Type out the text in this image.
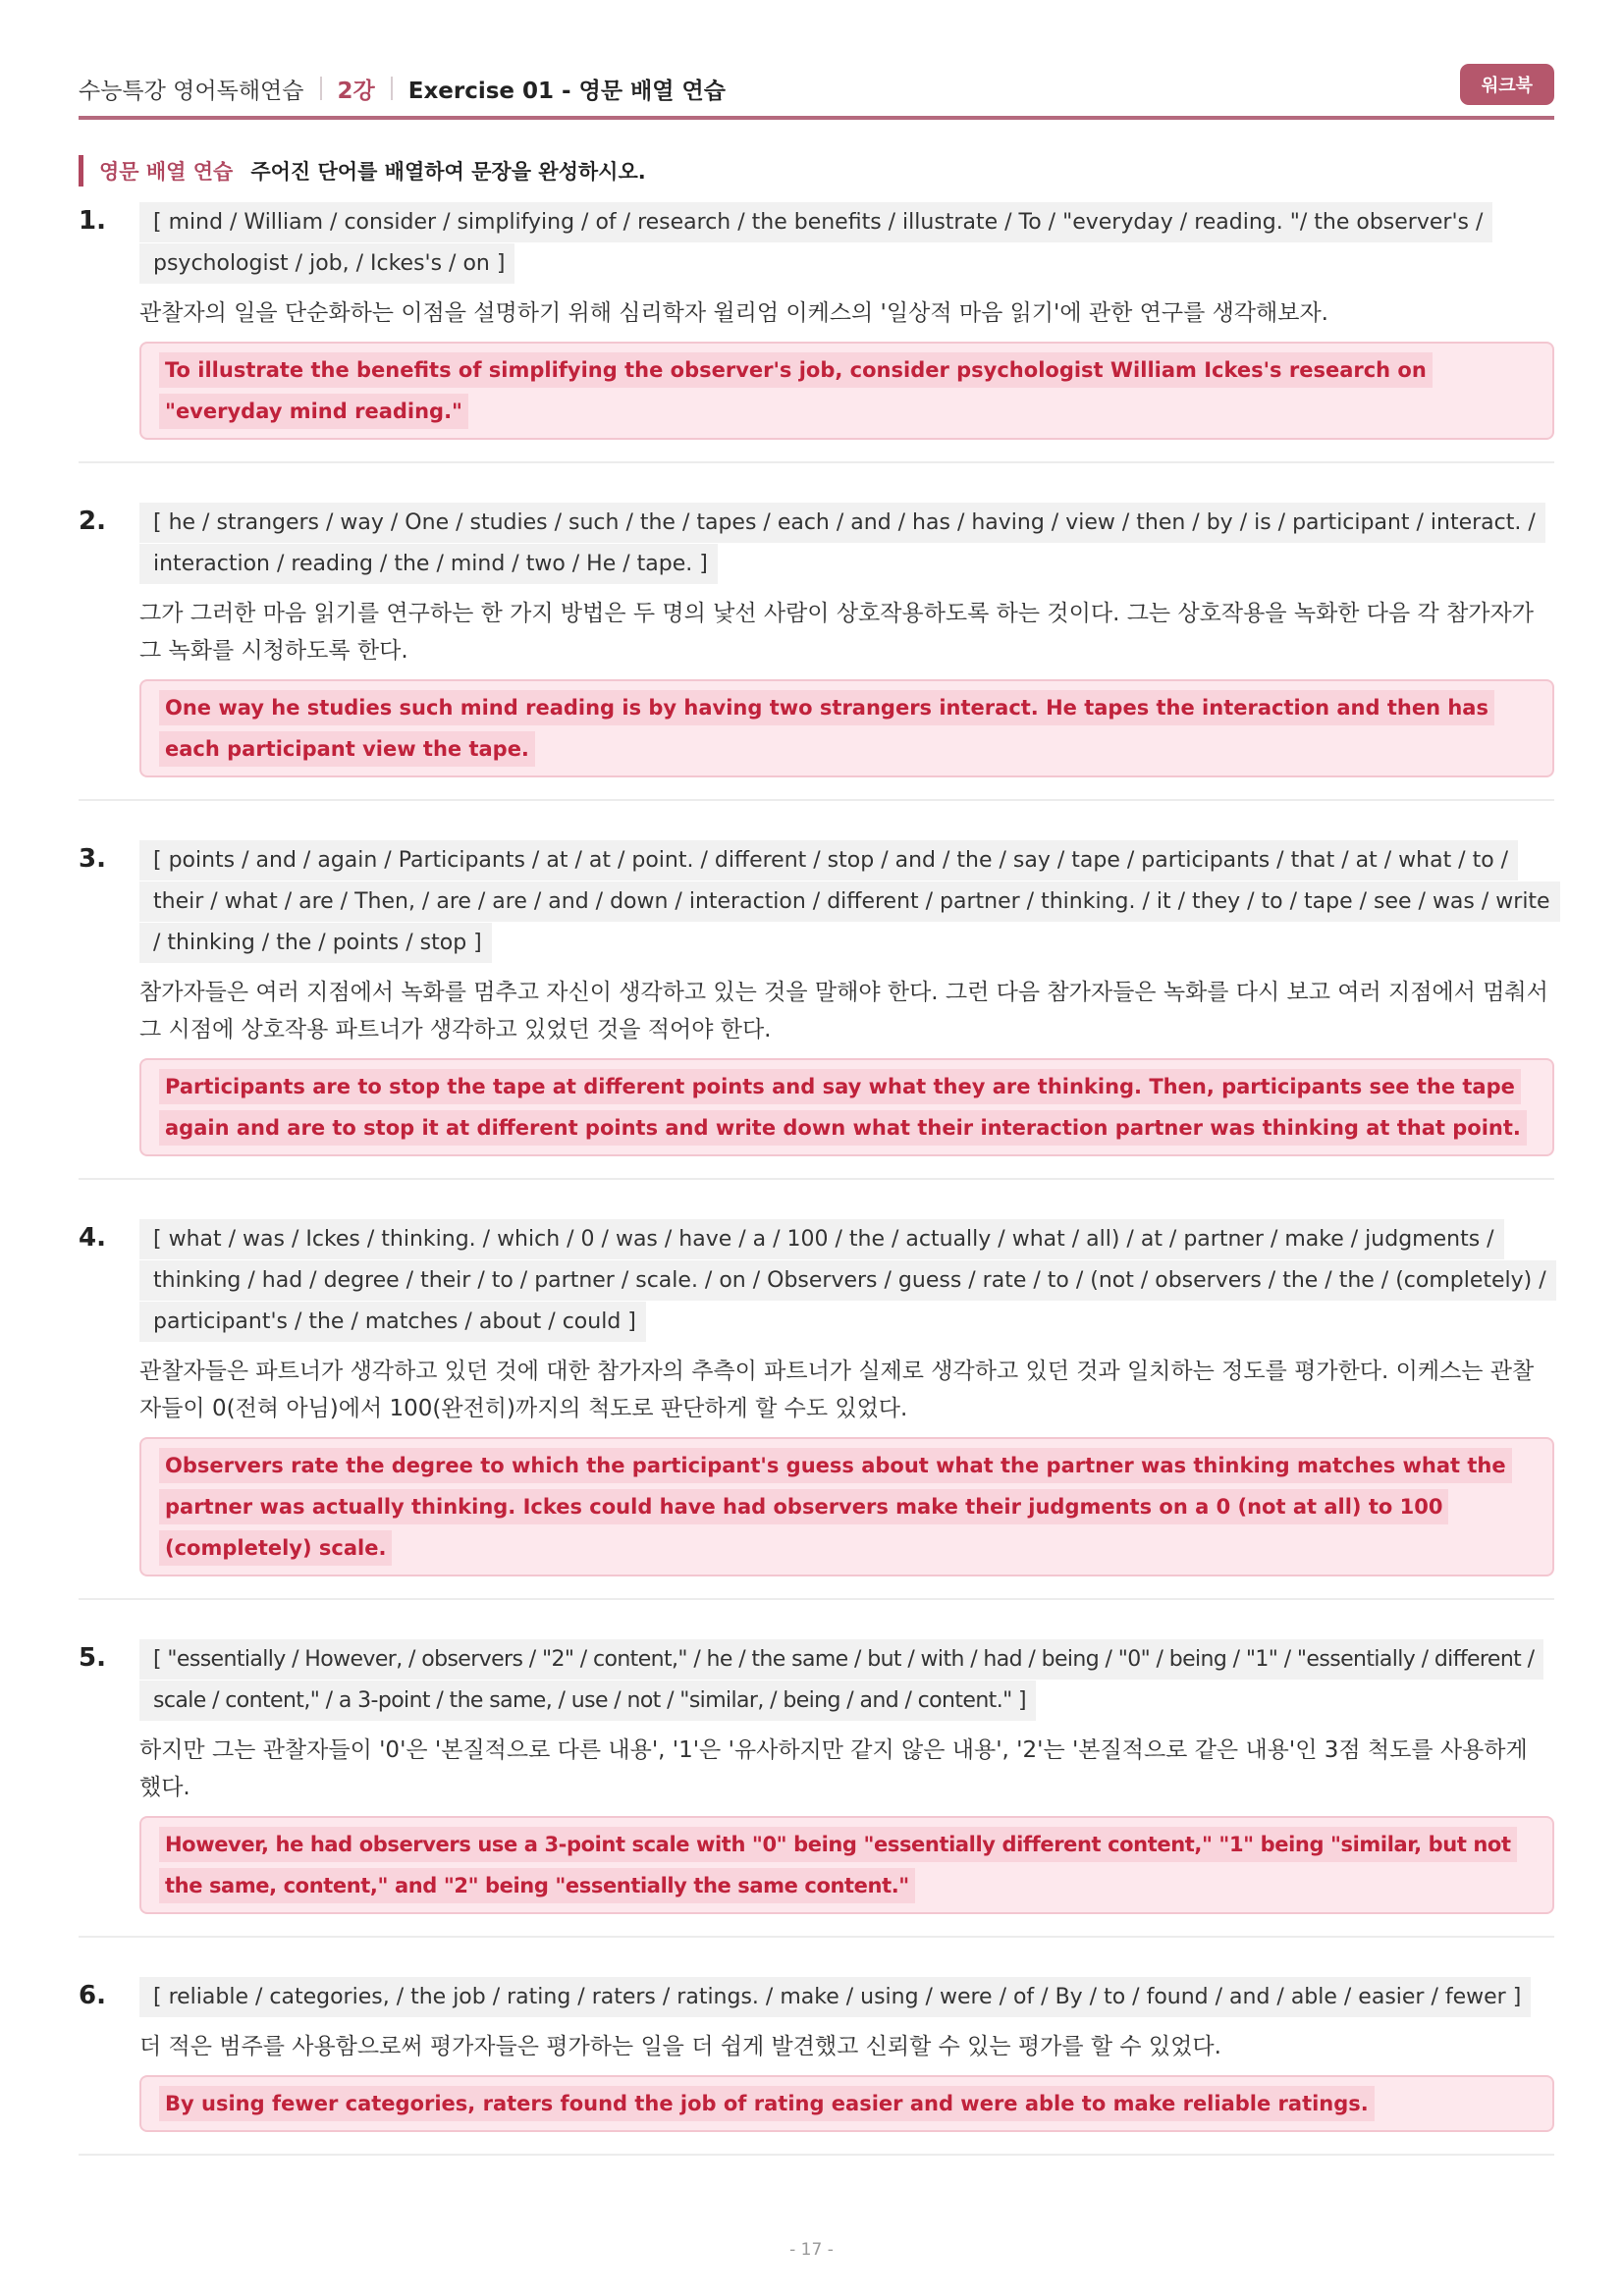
수능특강 영어독해연습 2강 Exercise 01 - 영문 배열 연습	워크북
영문 배열 연습 주어진 단어를 배열하여 문장을 완성하시오.
1.	[ mind / William / consider / simplifying / of / research / the benefits / illustrate / To / "everyday / reading. "/ the observer's / psychologist / job, / Ickes's / on ]
관찰자의 일을 단순화하는 이점을 설명하기 위해 심리학자 윌리엄 이케스의 '일상적 마음 읽기'에 관한 연구를 생각해보자.
To illustrate the benefits of simplifying the observer's job, consider psychologist William Ickes's research on "everyday mind reading."
2.	[ he / strangers / way / One / studies / such / the / tapes / each / and / has / having / view / then / by / is / participant / interact. / interaction / reading / the / mind / two / He / tape. ]
그가 그러한 마음 읽기를 연구하는 한 가지 방법은 두 명의 낯선 사람이 상호작용하도록 하는 것이다. 그는 상호작용을 녹화한 다음 각 참가자가 그 녹화를 시청하도록 한다.
One way he studies such mind reading is by having two strangers interact. He tapes the interaction and then has each participant view the tape.
3.	[ points / and / again / Participants / at / at / point. / different / stop / and / the / say / tape / participants / that / at / what / to / their / what / are / Then, / are / are / and / down / interaction / different / partner / thinking. / it / they / to / tape / see / was / write / thinking / the / points / stop ]
참가자들은 여러 지점에서 녹화를 멈추고 자신이 생각하고 있는 것을 말해야 한다. 그런 다음 참가자들은 녹화를 다시 보고 여러 지점에서 멈춰서 그 시점에 상호작용 파트너가 생각하고 있었던 것을 적어야 한다.
Participants are to stop the tape at different points and say what they are thinking. Then, participants see the tape again and are to stop it at different points and write down what their interaction partner was thinking at that point.
4.	[ what / was / Ickes / thinking. / which / 0 / was / have / a / 100 / the / actually / what / all) / at / partner / make / judgments / thinking / had / degree / their / to / partner / scale. / on / Observers / guess / rate / to / (not / observers / the / the / (completely) / participant's / the / matches / about / could ]
관찰자들은 파트너가 생각하고 있던 것에 대한 참가자의 추측이 파트너가 실제로 생각하고 있던 것과 일치하는 정도를 평가한다. 이케스는 관찰자들이 0(전혀 아님)에서 100(완전히)까지의 척도로 판단하게 할 수도 있었다.
Observers rate the degree to which the participant's guess about what the partner was thinking matches what the partner was actually thinking. Ickes could have had observers make their judgments on a 0 (not at all) to 100 (completely) scale.
5.	[ "essentially / However, / observers / "2" / content," / he / the same / but / with / had / being / "0" / being / "1" / "essentially / different / scale / content," / a 3-point / the same, / use / not / "similar, / being / and / content." ]
하지만 그는 관찰자들이 '0'은 '본질적으로 다른 내용', '1'은 '유사하지만 같지 않은 내용', '2'는 '본질적으로 같은 내용'인 3점 척도를 사용하게 했다.
However, he had observers use a 3-point scale with "0" being "essentially different content," "1" being "similar, but not the same, content," and "2" being "essentially the same content."
6.	[ reliable / categories, / the job / rating / raters / ratings. / make / using / were / of / By / to / found / and / able / easier / fewer ]
더 적은 범주를 사용함으로써 평가자들은 평가하는 일을 더 쉽게 발견했고 신뢰할 수 있는 평가를 할 수 있었다.
By using fewer categories, raters found the job of rating easier and were able to make reliable ratings.
- 17 -
